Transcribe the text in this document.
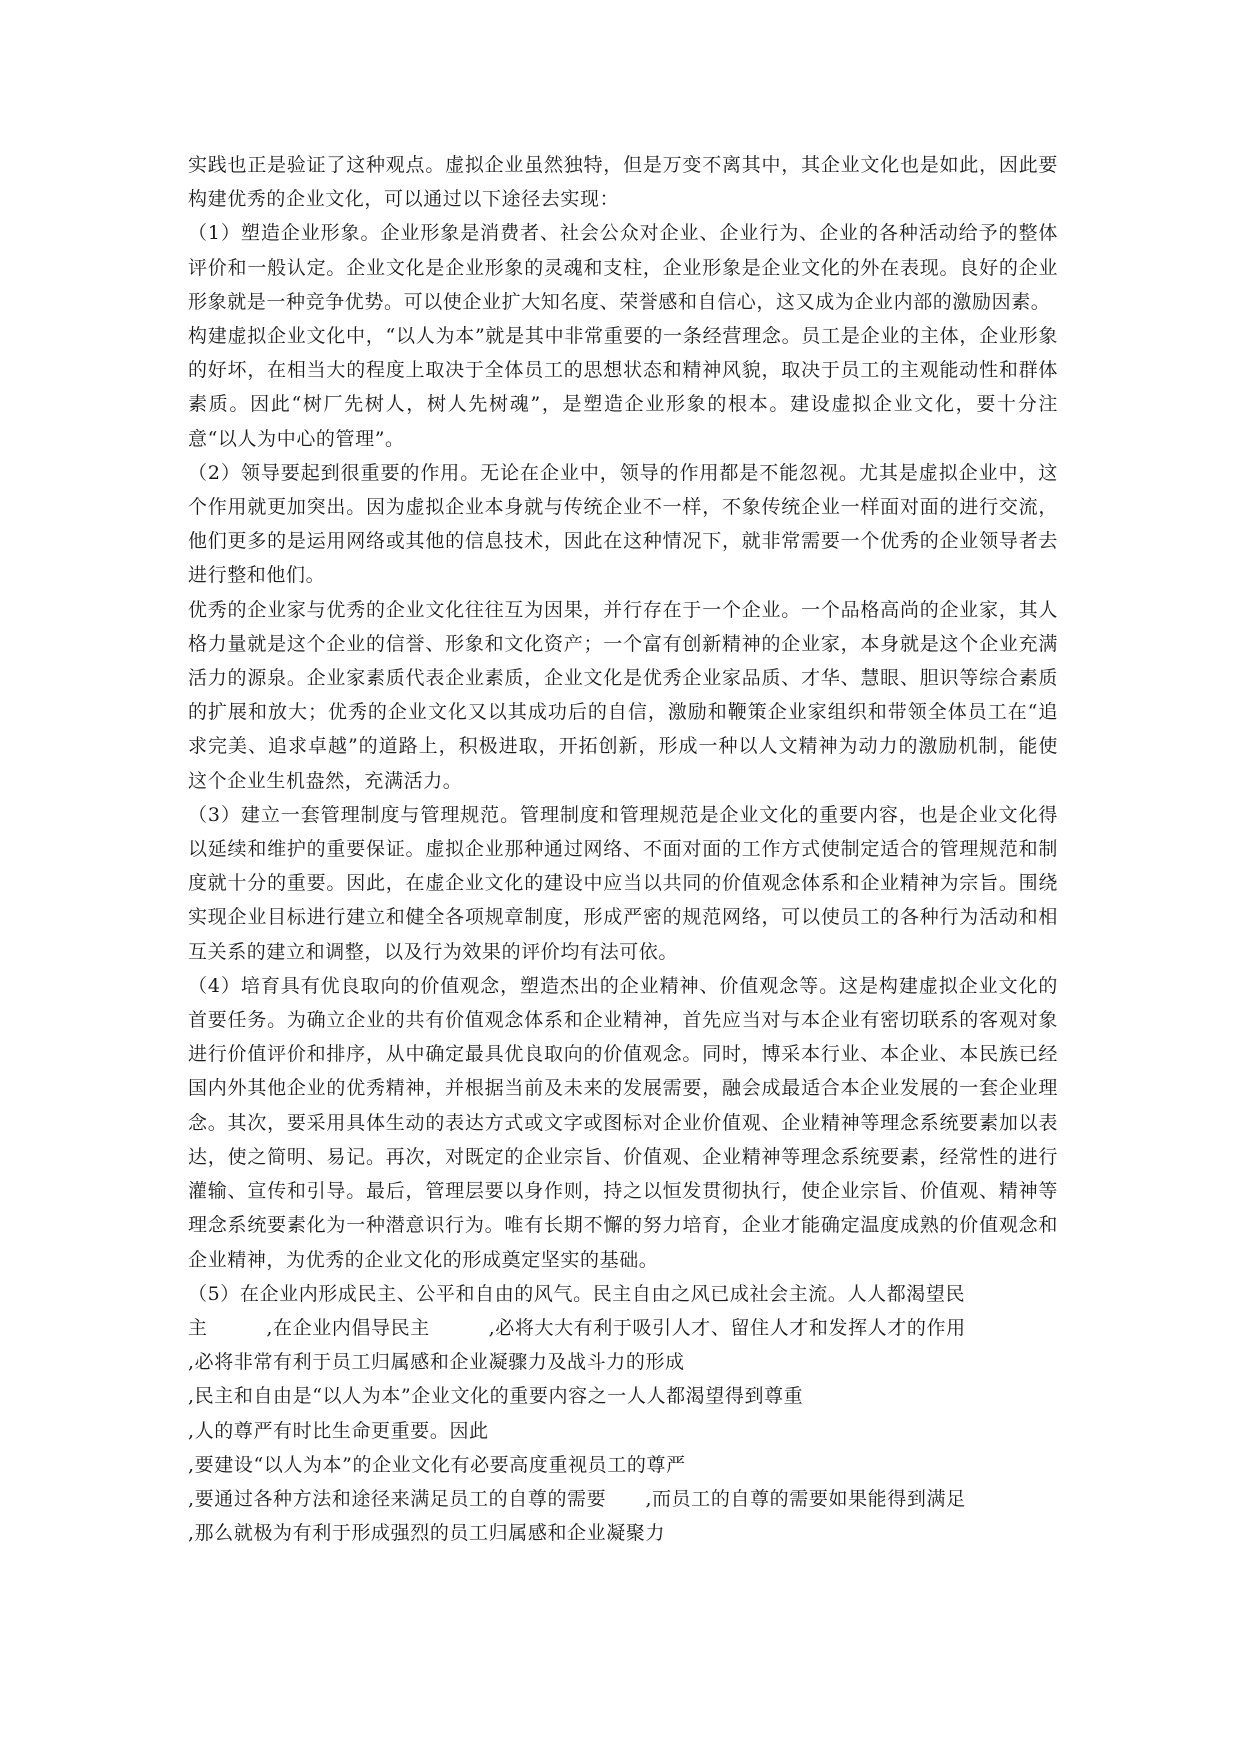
实践也正是验证了这种观点。虚拟企业虽然独特，但是万变不离其中，其企业文化也是如此，因此要构建优秀的企业文化，可以通过以下途径去实现：

（1）塑造企业形象。企业形象是消费者、社会公众对企业、企业行为、企业的各种活动给予的整体评价和一般认定。企业文化是企业形象的灵魂和支柱，企业形象是企业文化的外在表现。良好的企业形象就是一种竞争优势。可以使企业扩大知名度、荣誉感和自信心，这又成为企业内部的激励因素。

构建虚拟企业文化中，“以人为本”就是其中非常重要的一条经营理念。员工是企业的主体，企业形象的好坏，在相当大的程度上取决于全体员工的思想状态和精神风貌，取决于员工的主观能动性和群体素质。因此“树厂先树人，树人先树魂”，是塑造企业形象的根本。建设虚拟企业文化，要十分注意“以人为中心的管理”。

（2）领导要起到很重要的作用。无论在企业中，领导的作用都是不能忽视。尤其是虚拟企业中，这个作用就更加突出。因为虚拟企业本身就与传统企业不一样，不象传统企业一样面对面的进行交流，他们更多的是运用网络或其他的信息技术，因此在这种情况下，就非常需要一个优秀的企业领导者去进行整和他们。

优秀的企业家与优秀的企业文化往往互为因果，并行存在于一个企业。一个品格高尚的企业家，其人格力量就是这个企业的信誉、形象和文化资产；一个富有创新精神的企业家，本身就是这个企业充满活力的源泉。企业家素质代表企业素质，企业文化是优秀企业家品质、才华、慧眼、胆识等综合素质的扩展和放大；优秀的企业文化又以其成功后的自信，激励和鞭策企业家组织和带领全体员工在“追求完美、追求卓越”的道路上，积极进取，开拓创新，形成一种以人文精神为动力的激励机制，能使这个企业生机盎然，充满活力。

（3）建立一套管理制度与管理规范。管理制度和管理规范是企业文化的重要内容，也是企业文化得以延续和维护的重要保证。虚拟企业那种通过网络、不面对面的工作方式使制定适合的管理规范和制度就十分的重要。因此，在虚企业文化的建设中应当以共同的价值观念体系和企业精神为宗旨。围绕实现企业目标进行建立和健全各项规章制度，形成严密的规范网络，可以使员工的各种行为活动和相互关系的建立和调整，以及行为效果的评价均有法可依。

（4）培育具有优良取向的价值观念，塑造杰出的企业精神、价值观念等。这是构建虚拟企业文化的首要任务。为确立企业的共有价值观念体系和企业精神，首先应当对与本企业有密切联系的客观对象进行价值评价和排序，从中确定最具优良取向的价值观念。同时，博采本行业、本企业、本民族已经国内外其他企业的优秀精神，并根据当前及未来的发展需要，融会成最适合本企业发展的一套企业理念。其次，要采用具体生动的表达方式或文字或图标对企业价值观、企业精神等理念系统要素加以表达，使之简明、易记。再次，对既定的企业宗旨、价值观、企业精神等理念系统要素，经常性的进行灌输、宣传和引导。最后，管理层要以身作则，持之以恒发贯彻执行，使企业宗旨、价值观、精神等理念系统要素化为一种潜意识行为。唯有长期不懈的努力培育，企业才能确定温度成熟的价值观念和企业精神，为优秀的企业文化的形成奠定坚实的基础。

（5）在企业内形成民主、公平和自由的风气。民主自由之风已成社会主流。人人都渴望民

主　　　,在企业内倡导民主　　　,必将大大有利于吸引人才、留住人才和发挥人才的作用
,必将非常有利于员工归属感和企业凝骤力及战斗力的形成
,民主和自由是“以人为本”企业文化的重要内容之一人人都渴望得到尊重
,人的尊严有时比生命更重要。因此
,要建设“以人为本”的企业文化有必要高度重视员工的尊严
,要通过各种方法和途径来满足员工的自尊的需要　　,而员工的自尊的需要如果能得到满足
,那么就极为有利于形成强烈的员工归属感和企业凝聚力
